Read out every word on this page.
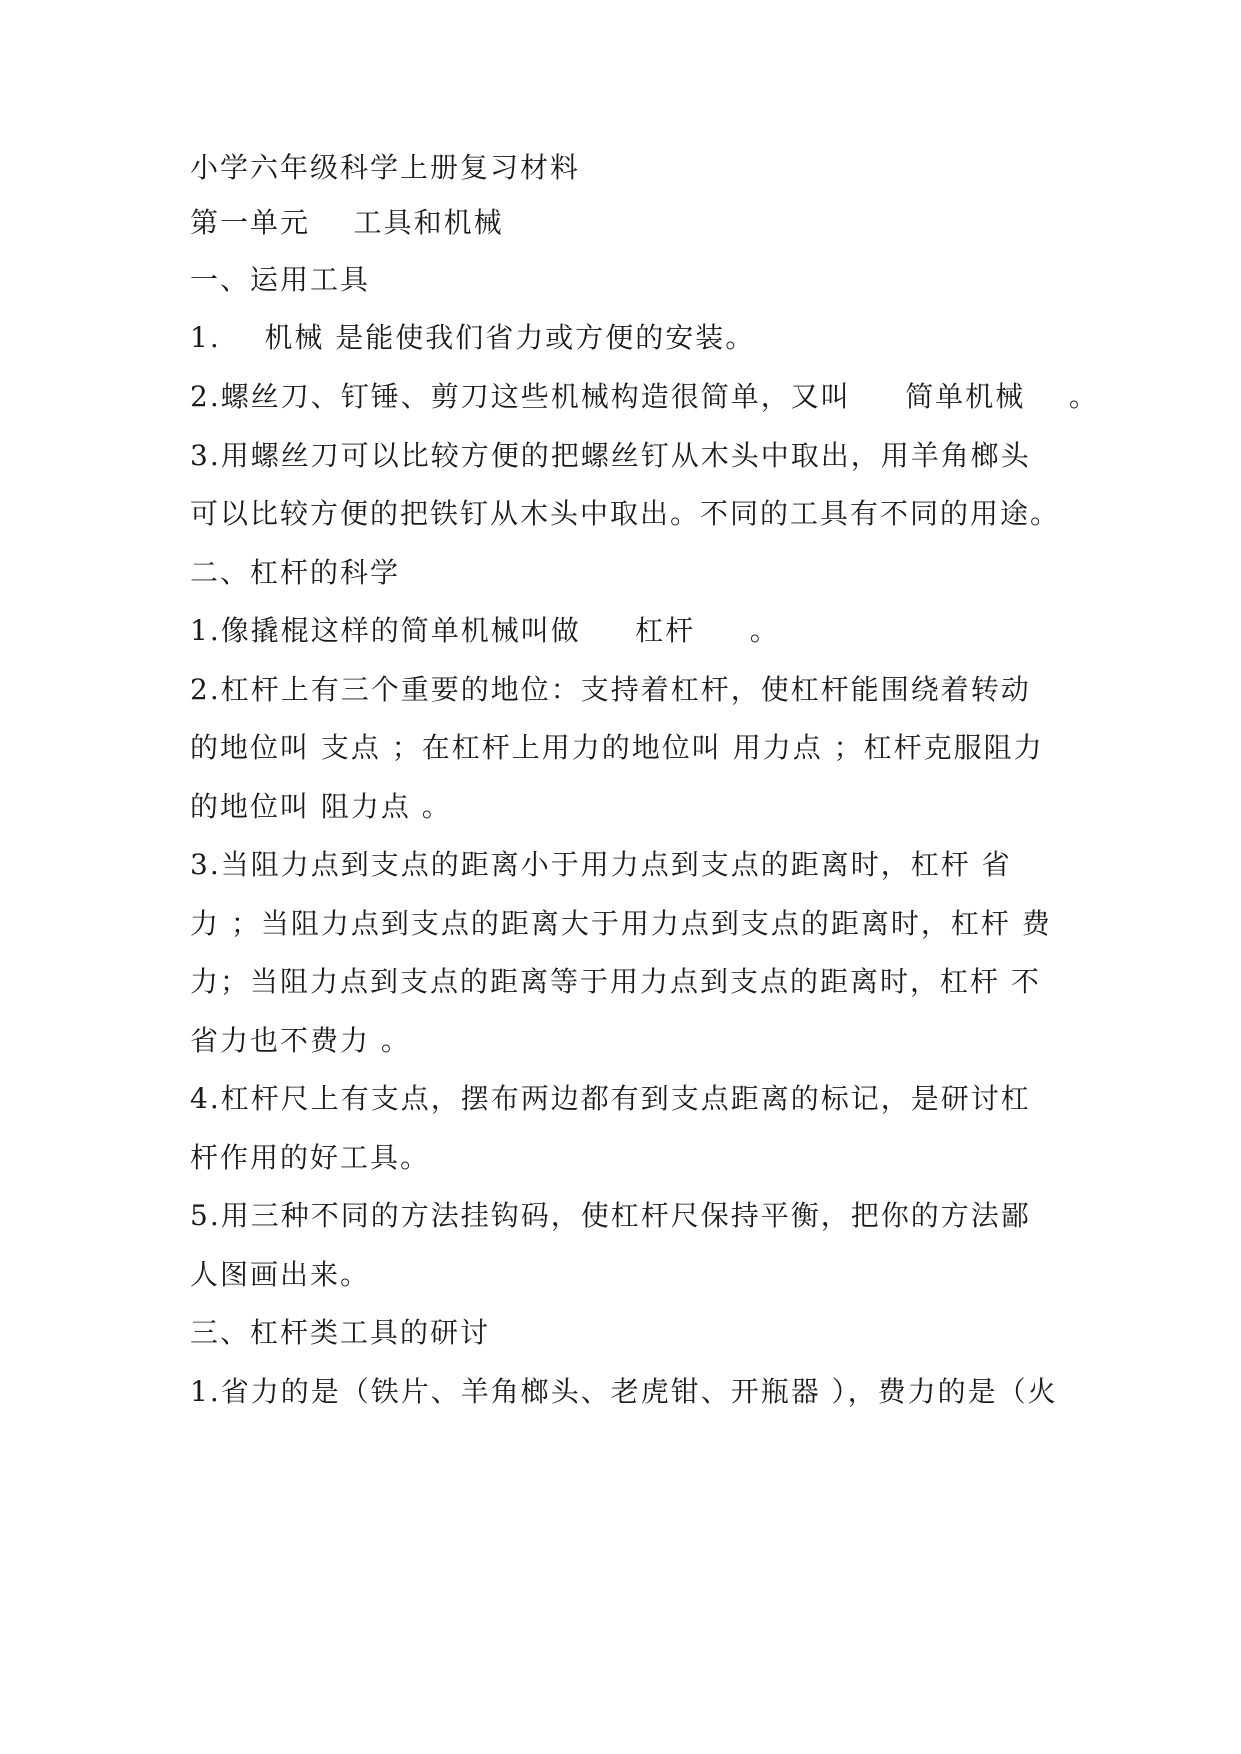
小学六年级科学上册复习材料
第一单元    工具和机械
一、运用工具
1.    机械 是能使我们省力或方便的安装。
2.螺丝刀、钉锤、剪刀这些机械构造很简单，又叫     简单机械    。
3.用螺丝刀可以比较方便的把螺丝钉从木头中取出，用羊角榔头
可以比较方便的把铁钉从木头中取出。不同的工具有不同的用途。
二、杠杆的科学
1.像撬棍这样的简单机械叫做     杠杆     。
2.杠杆上有三个重要的地位：支持着杠杆，使杠杆能围绕着转动
的地位叫 支点 ；在杠杆上用力的地位叫 用力点 ；杠杆克服阻力
的地位叫 阻力点 。
3.当阻力点到支点的距离小于用力点到支点的距离时，杠杆 省
力 ；当阻力点到支点的距离大于用力点到支点的距离时，杠杆 费
力；当阻力点到支点的距离等于用力点到支点的距离时，杠杆 不
省力也不费力 。
4.杠杆尺上有支点，摆布两边都有到支点距离的标记，是研讨杠
杆作用的好工具。
5.用三种不同的方法挂钩码，使杠杆尺保持平衡，把你的方法鄙
人图画出来。
三、杠杆类工具的研讨
1.省力的是（铁片、羊角榔头、老虎钳、开瓶器 ），费力的是（火
